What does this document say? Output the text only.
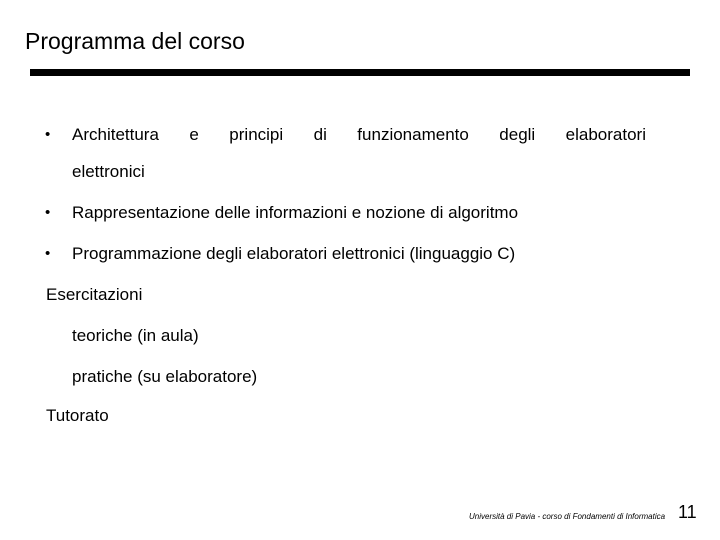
Programma del corso
• Architettura e principi di funzionamento degli elaboratori
elettronici
• Rappresentazione delle informazioni e nozione di algoritmo
• Programmazione degli elaboratori elettronici (linguaggio C)
Esercitazioni
teoriche (in aula)
pratiche (su elaboratore)
Tutorato
Università di Pavia - corso di Fondamenti di Informatica 11
